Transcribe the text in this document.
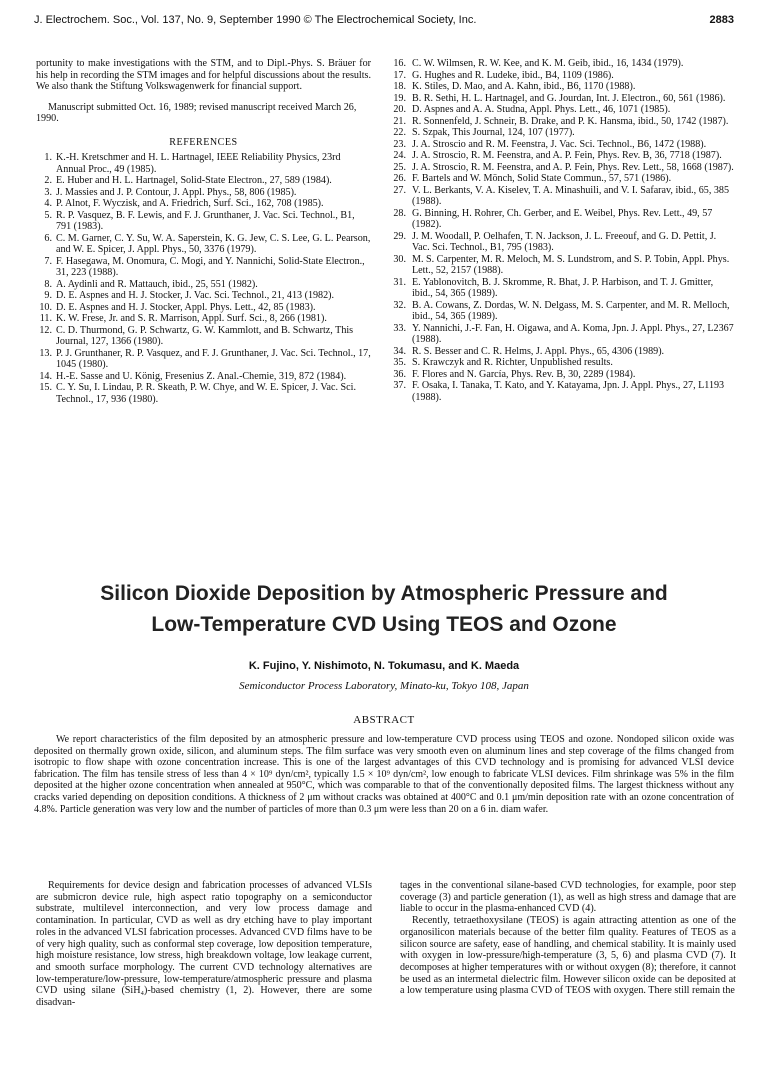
J. Electrochem. Soc., Vol. 137, No. 9, September 1990 © The Electrochemical Society, Inc.	2883

portunity to make investigations with the STM, and to Dipl.-Phys. S. Bräuer for his help in recording the STM images and for helpful discussions about the results. We also thank the Stiftung Volkswagenwerk for financial support.

Manuscript submitted Oct. 16, 1989; revised manuscript received March 26, 1990.

REFERENCES
1. K.-H. Kretschmer and H. L. Hartnagel, IEEE Reliability Physics, 23rd Annual Proc., 49 (1985).
2. E. Huber and H. L. Hartnagel, Solid-State Electron., 27, 589 (1984).
3. J. Massies and J. P. Contour, J. Appl. Phys., 58, 806 (1985).
4. P. Alnot, F. Wyczisk, and A. Friedrich, Surf. Sci., 162, 708 (1985).
5. R. P. Vasquez, B. F. Lewis, and F. J. Grunthaner, J. Vac. Sci. Technol., B1, 791 (1983).
6. C. M. Garner, C. Y. Su, W. A. Saperstein, K. G. Jew, C. S. Lee, G. L. Pearson, and W. E. Spicer, J. Appl. Phys., 50, 3376 (1979).
7. F. Hasegawa, M. Onomura, C. Mogi, and Y. Nannichi, Solid-State Electron., 31, 223 (1988).
8. A. Aydinli and R. Mattauch, ibid., 25, 551 (1982).
9. D. E. Aspnes and H. J. Stocker, J. Vac. Sci. Technol., 21, 413 (1982).
10. D. E. Aspnes and H. J. Stocker, Appl. Phys. Lett., 42, 85 (1983).
11. K. W. Frese, Jr. and S. R. Marrison, Appl. Surf. Sci., 8, 266 (1981).
12. C. D. Thurmond, G. P. Schwartz, G. W. Kammlott, and B. Schwartz, This Journal, 127, 1366 (1980).
13. P. J. Grunthaner, R. P. Vasquez, and F. J. Grunthaner, J. Vac. Sci. Technol., 17, 1045 (1980).
14. H.-E. Sasse and U. König, Fresenius Z. Anal.-Chemie, 319, 872 (1984).
15. C. Y. Su, I. Lindau, P. R. Skeath, P. W. Chye, and W. E. Spicer, J. Vac. Sci. Technol., 17, 936 (1980).
16. C. W. Wilmsen, R. W. Kee, and K. M. Geib, ibid., 16, 1434 (1979).
17. G. Hughes and R. Ludeke, ibid., B4, 1109 (1986).
18. K. Stiles, D. Mao, and A. Kahn, ibid., B6, 1170 (1988).
19. B. R. Sethi, H. L. Hartnagel, and G. Jourdan, Int. J. Electron., 60, 561 (1986).
20. D. Aspnes and A. A. Studna, Appl. Phys. Lett., 46, 1071 (1985).
21. R. Sonnenfeld, J. Schneir, B. Drake, and P. K. Hansma, ibid., 50, 1742 (1987).
22. S. Szpak, This Journal, 124, 107 (1977).
23. J. A. Stroscio and R. M. Feenstra, J. Vac. Sci. Technol., B6, 1472 (1988).
24. J. A. Stroscio, R. M. Feenstra, and A. P. Fein, Phys. Rev. B, 36, 7718 (1987).
25. J. A. Stroscio, R. M. Feenstra, and A. P. Fein, Phys. Rev. Lett., 58, 1668 (1987).
26. F. Bartels and W. Mönch, Solid State Commun., 57, 571 (1986).
27. V. L. Berkants, V. A. Kiselev, T. A. Minashuili, and V. I. Safarav, ibid., 65, 385 (1988).
28. G. Binning, H. Rohrer, Ch. Gerber, and E. Weibel, Phys. Rev. Lett., 49, 57 (1982).
29. J. M. Woodall, P. Oelhafen, T. N. Jackson, J. L. Freeouf, and G. D. Pettit, J. Vac. Sci. Technol., B1, 795 (1983).
30. M. S. Carpenter, M. R. Meloch, M. S. Lundstrom, and S. P. Tobin, Appl. Phys. Lett., 52, 2157 (1988).
31. E. Yablonovitch, B. J. Skromme, R. Bhat, J. P. Harbison, and T. J. Gmitter, ibid., 54, 365 (1989).
32. B. A. Cowans, Z. Dordas, W. N. Delgass, M. S. Carpenter, and M. R. Melloch, ibid., 54, 365 (1989).
33. Y. Nannichi, J.-F. Fan, H. Oigawa, and A. Koma, Jpn. J. Appl. Phys., 27, L2367 (1988).
34. R. S. Besser and C. R. Helms, J. Appl. Phys., 65, 4306 (1989).
35. S. Krawczyk and R. Richter, Unpublished results.
36. F. Flores and N. García, Phys. Rev. B, 30, 2289 (1984).
37. F. Osaka, I. Tanaka, T. Kato, and Y. Katayama, Jpn. J. Appl. Phys., 27, L1193 (1988).
Silicon Dioxide Deposition by Atmospheric Pressure and
Low-Temperature CVD Using TEOS and Ozone
K. Fujino, Y. Nishimoto, N. Tokumasu, and K. Maeda
Semiconductor Process Laboratory, Minato-ku, Tokyo 108, Japan
ABSTRACT

We report characteristics of the film deposited by an atmospheric pressure and low-temperature CVD process using TEOS and ozone. Nondoped silicon oxide was deposited on thermally grown oxide, silicon, and aluminum steps. The film surface was very smooth even on aluminum lines and step coverage of the films changed from isotropic to flow shape with ozone concentration increase. This is one of the largest advantages of this CVD technology and is promising for advanced VLSI device fabrication. The film has tensile stress of less than 4 × 10⁹ dyn/cm², typically 1.5 × 10⁹ dyn/cm², low enough to fabricate VLSI devices. Film shrinkage was 5% in the film deposited at the higher ozone concentration when annealed at 950°C, which was comparable to that of the conventionally deposited films. The largest thickness without any cracks varied depending on deposition conditions. A thickness of 2 μm without cracks was obtained at 400°C and 0.1 μm/min deposition rate with an ozone concentration of 4.8%. Particle generation was very low and the number of particles of more than 0.3 μm were less than 20 on a 6 in. diam wafer.

Requirements for device design and fabrication processes of advanced VLSIs are submicron device rule, high aspect ratio topography on a semiconductor substrate, multilevel interconnection, and very low process damage and contamination. In particular, CVD as well as dry etching have to play important roles in the advanced VLSI fabrication processes. Advanced CVD films have to be of very high quality, such as conformal step coverage, low deposition temperature, high moisture resistance, low stress, high breakdown voltage, low leakage current, and smooth surface morphology. The current CVD technology alternatives are low-temperature/low-pressure, low-temperature/atmospheric pressure and plasma CVD using silane (SiH₄)-based chemistry (1, 2). However, there are some disadvan-

tages in the conventional silane-based CVD technologies, for example, poor step coverage (3) and particle generation (1), as well as high stress and damage that are liable to occur in the plasma-enhanced CVD (4).

Recently, tetraethoxysilane (TEOS) is again attracting attention as one of the organosilicon materials because of the better film quality. Features of TEOS as a silicon source are safety, ease of handling, and chemical stability. It is mainly used with oxygen in low-pressure/high-temperature (3, 5, 6) and plasma CVD (7). It decomposes at higher temperatures with or without oxygen (8); therefore, it cannot be used as an intermetal dielectric film. However silicon oxide can be deposited at a low temperature using plasma CVD of TEOS with oxygen. There still remain the
